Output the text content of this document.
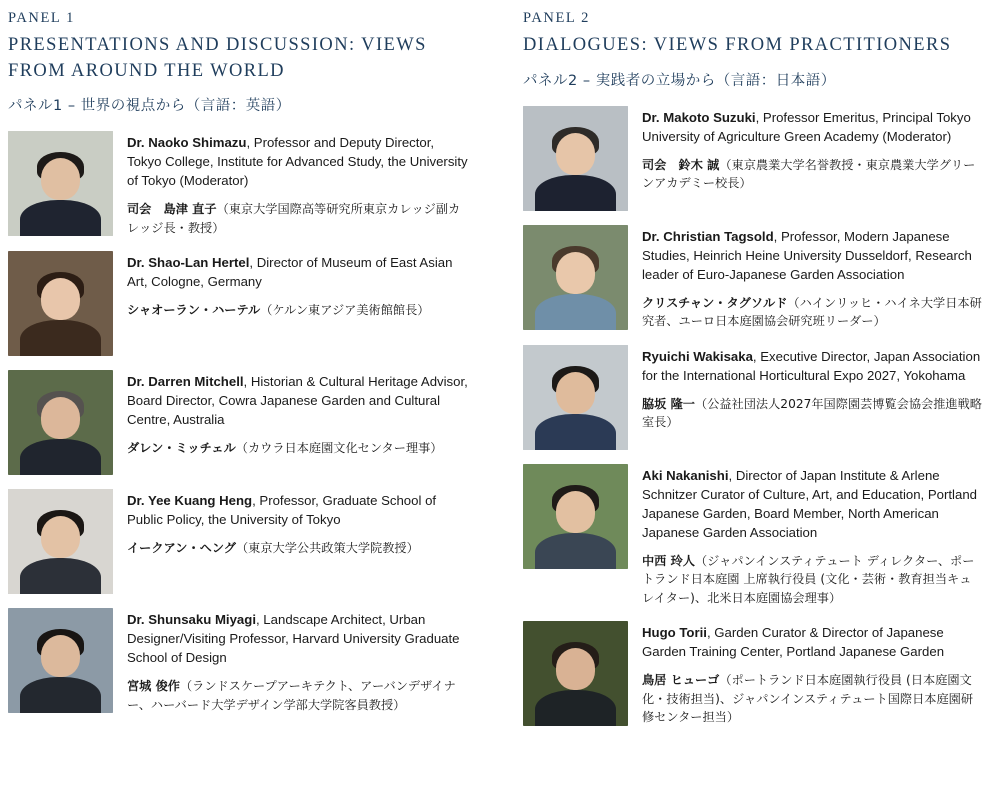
PANEL 1
PRESENTATIONS AND DISCUSSION: VIEWS FROM AROUND THE WORLD
パネル1 – 世界の視点から（言語：英語）

Dr. Naoko Shimazu, Professor and Deputy Director, Tokyo College, Institute for Advanced Study, the University of Tokyo (Moderator)

司会　島津 直子（東京大学国際高等研究所東京カレッジ副カレッジ長・教授）

Dr. Shao-Lan Hertel, Director of Museum of East Asian Art, Cologne, Germany

シャオーラン・ハーテル（ケルン東アジア美術館館長）

Dr. Darren Mitchell, Historian & Cultural Heritage Advisor, Board Director, Cowra Japanese Garden and Cultural Centre, Australia

ダレン・ミッチェル（カウラ日本庭園文化センター理事）

Dr. Yee Kuang Heng, Professor, Graduate School of Public Policy, the University of Tokyo

イークアン・ヘング（東京大学公共政策大学院教授）

Dr. Shunsaku Miyagi, Landscape Architect, Urban Designer/Visiting Professor, Harvard University Graduate School of Design

宮城 俊作（ランドスケープアーキテクト、アーバンデザイナー、ハーバード大学デザイン学部大学院客員教授）

PANEL 2
DIALOGUES: VIEWS FROM PRACTITIONERS
パネル2 – 実践者の立場から（言語：日本語）

Dr. Makoto Suzuki, Professor Emeritus, Principal Tokyo University of Agriculture Green Academy (Moderator)

司会　鈴木 誠（東京農業大学名誉教授・東京農業大学グリーンアカデミー校長）

Dr. Christian Tagsold, Professor, Modern Japanese Studies, Heinrich Heine University Dusseldorf, Research leader of Euro-Japanese Garden Association

クリスチャン・タグソルド（ハインリッヒ・ハイネ大学日本研究者、ユーロ日本庭園協会研究班リーダー）

Ryuichi Wakisaka, Executive Director, Japan Association for the International Horticultural Expo 2027, Yokohama

脇坂 隆一（公益社団法人2027年国際園芸博覧会協会推進戦略室長）

Aki Nakanishi, Director of Japan Institute & Arlene Schnitzer Curator of Culture, Art, and Education, Portland Japanese Garden, Board Member, North American Japanese Garden Association

中西 玲人（ジャパンインスティテュート ディレクター、ポートランド日本庭園 上席執行役員 (文化・芸術・教育担当キュレイター)、北米日本庭園協会理事）

Hugo Torii, Garden Curator & Director of Japanese Garden Training Center, Portland Japanese Garden

鳥居 ヒューゴ（ポートランド日本庭園執行役員 (日本庭園文化・技術担当)、ジャパンインスティテュート国際日本庭園研修センター担当）
